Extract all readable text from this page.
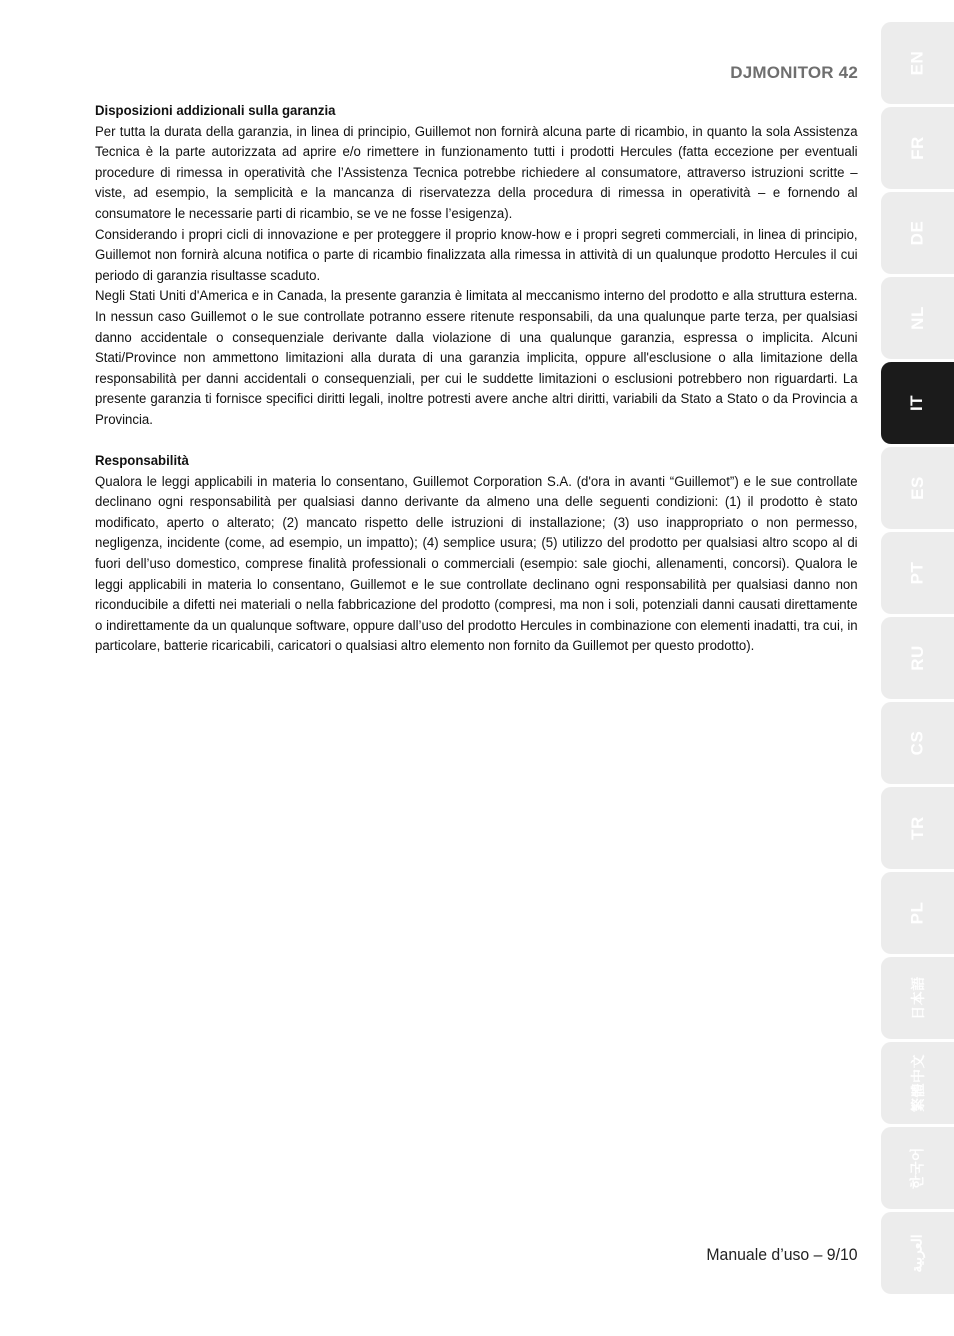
DJMONITOR 42
Disposizioni addizionali sulla garanzia

Per tutta la durata della garanzia, in linea di principio, Guillemot non fornirà alcuna parte di ricambio, in quanto la sola Assistenza Tecnica è la parte autorizzata ad aprire e/o rimettere in funzionamento tutti i prodotti Hercules (fatta eccezione per eventuali procedure di rimessa in operatività che l’Assistenza Tecnica potrebbe richiedere al consumatore, attraverso istruzioni scritte – viste, ad esempio, la semplicità e la mancanza di riservatezza della procedura di rimessa in operatività – e fornendo al consumatore le necessarie parti di ricambio, se ve ne fosse l’esigenza).

Considerando i propri cicli di innovazione e per proteggere il proprio know-how e i propri segreti commerciali, in linea di principio, Guillemot non fornirà alcuna notifica o parte di ricambio finalizzata alla rimessa in attività di un qualunque prodotto Hercules il cui periodo di garanzia risultasse scaduto.

Negli Stati Uniti d'America e in Canada, la presente garanzia è limitata al meccanismo interno del prodotto e alla struttura esterna. In nessun caso Guillemot o le sue controllate potranno essere ritenute responsabili, da una qualunque parte terza, per qualsiasi danno accidentale o consequenziale derivante dalla violazione di una qualunque garanzia, espressa o implicita. Alcuni Stati/Province non ammettono limitazioni alla durata di una garanzia implicita, oppure all'esclusione o alla limitazione della responsabilità per danni accidentali o consequenziali, per cui le suddette limitazioni o esclusioni potrebbero non riguardarti. La presente garanzia ti fornisce specifici diritti legali, inoltre potresti avere anche altri diritti, variabili da Stato a Stato o da Provincia a Provincia.

Responsabilità

Qualora le leggi applicabili in materia lo consentano, Guillemot Corporation S.A. (d'ora in avanti “Guillemot”) e le sue controllate declinano ogni responsabilità per qualsiasi danno derivante da almeno una delle seguenti condizioni: (1) il prodotto è stato modificato, aperto o alterato; (2) mancato rispetto delle istruzioni di installazione; (3) uso inappropriato o non permesso, negligenza, incidente (come, ad esempio, un impatto); (4) semplice usura; (5) utilizzo del prodotto per qualsiasi altro scopo al di fuori dell’uso domestico, comprese finalità professionali o commerciali (esempio: sale giochi, allenamenti, concorsi). Qualora le leggi applicabili in materia lo consentano, Guillemot e le sue controllate declinano ogni responsabilità per qualsiasi danno non riconducibile a difetti nei materiali o nella fabbricazione del prodotto (compresi, ma non i soli, potenziali danni causati direttamente o indirettamente da un qualunque software, oppure dall’uso del prodotto Hercules in combinazione con elementi inadatti, tra cui, in particolare, batterie ricaricabili, caricatori o qualsiasi altro elemento non fornito da Guillemot per questo prodotto).

EN
FR
DE
NL
IT
ES
PT
RU
CS
TR
PL
日本語
繁體中文
한국어
العربية
Manuale d’uso – 9/10
